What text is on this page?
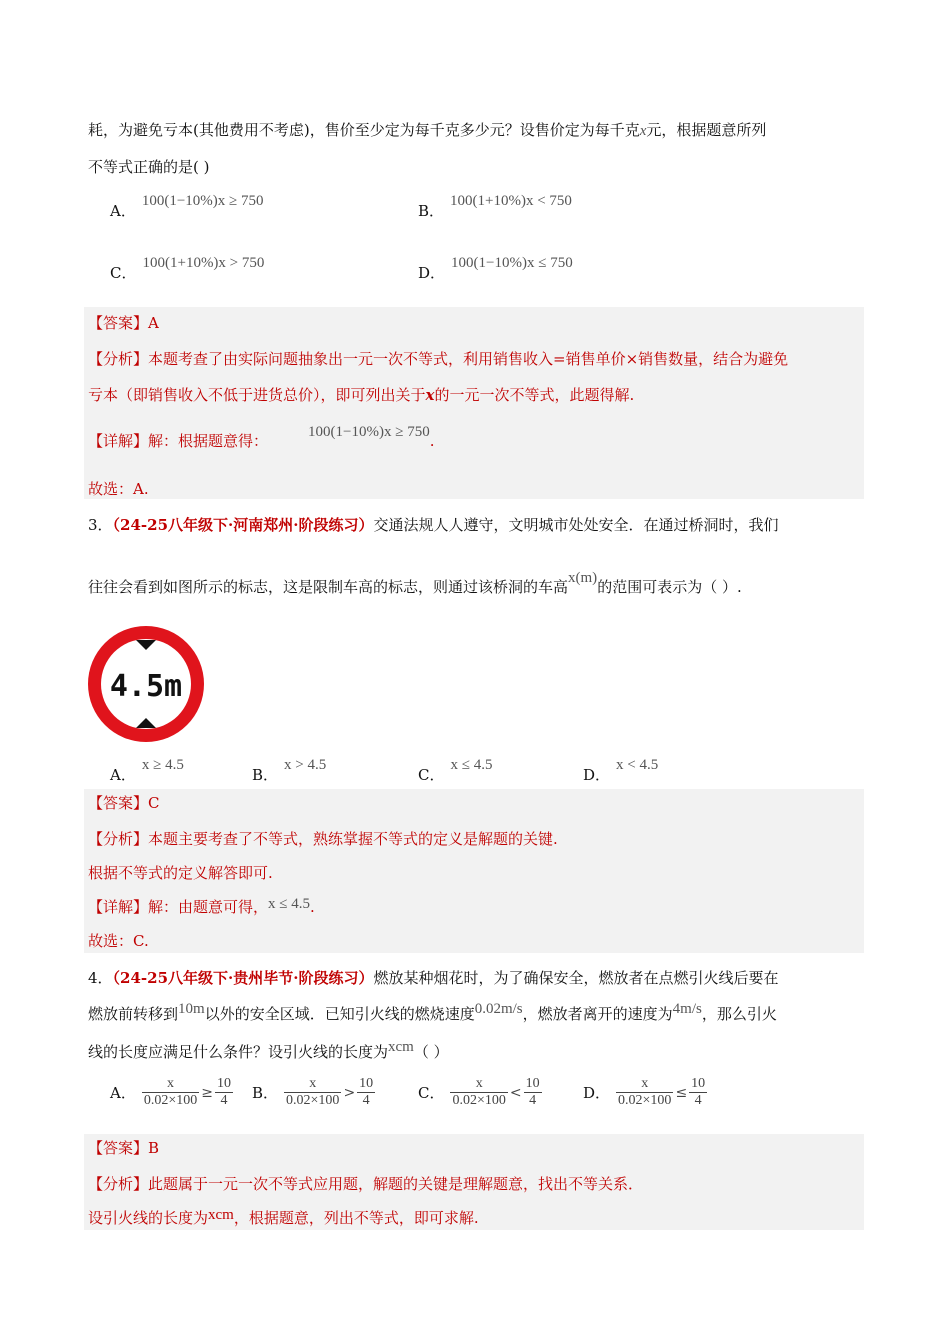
耗，为避免亏本(其他费用不考虑)，售价至少定为每千克多少元？设售价定为每千克x元，根据题意所列
不等式正确的是( )
A．100(1−10%)x ≥ 750
B．100(1+10%)x < 750
C．100(1+10%)x > 750
D．100(1−10%)x ≤ 750
【答案】A
【分析】本题考查了由实际问题抽象出一元一次不等式，利用销售收入=销售单价×销售数量，结合为避免
亏本（即销售收入不低于进货总价），即可列出关于x的一元一次不等式，此题得解.
【详解】解：根据题意得：	100(1−10%)x ≥ 750.
故选：A.
3．（24-25八年级下·河南郑州·阶段练习）交通法规人人遵守，文明城市处处安全．在通过桥洞时，我们
往往会看到如图所示的标志，这是限制车高的标志，则通过该桥洞的车高x(m)的范围可表示为（ ）.
4.5m
A．x ≥ 4.5
B．x > 4.5
C．x ≤ 4.5
D．x < 4.5
【答案】C
【分析】本题主要考查了不等式，熟练掌握不等式的定义是解题的关键.
根据不等式的定义解答即可.
【详解】解：由题意可得，x ≤ 4.5.
故选：C.
4．（24-25八年级下·贵州毕节·阶段练习）燃放某种烟花时，为了确保安全，燃放者在点燃引火线后要在
燃放前转移到10m以外的安全区域．已知引火线的燃烧速度0.02m/s，燃放者离开的速度为4m/s，那么引火
线的长度应满足什么条件？设引火线的长度为xcm（ ）
A． $\frac{x}{0.02\times 100} \ge \frac{10}{4}$ B． $\frac{x}{0.02\times 100} > \frac{10}{4}$	C． $\frac{x}{0.02\times 100} < \frac{10}{4}$	D． $\frac{x}{0.02\times 100} \le \frac{10}{4}$
【答案】B
【分析】此题属于一元一次不等式应用题，解题的关键是理解题意，找出不等关系．
设引火线的长度为xcm，根据题意，列出不等式，即可求解.
